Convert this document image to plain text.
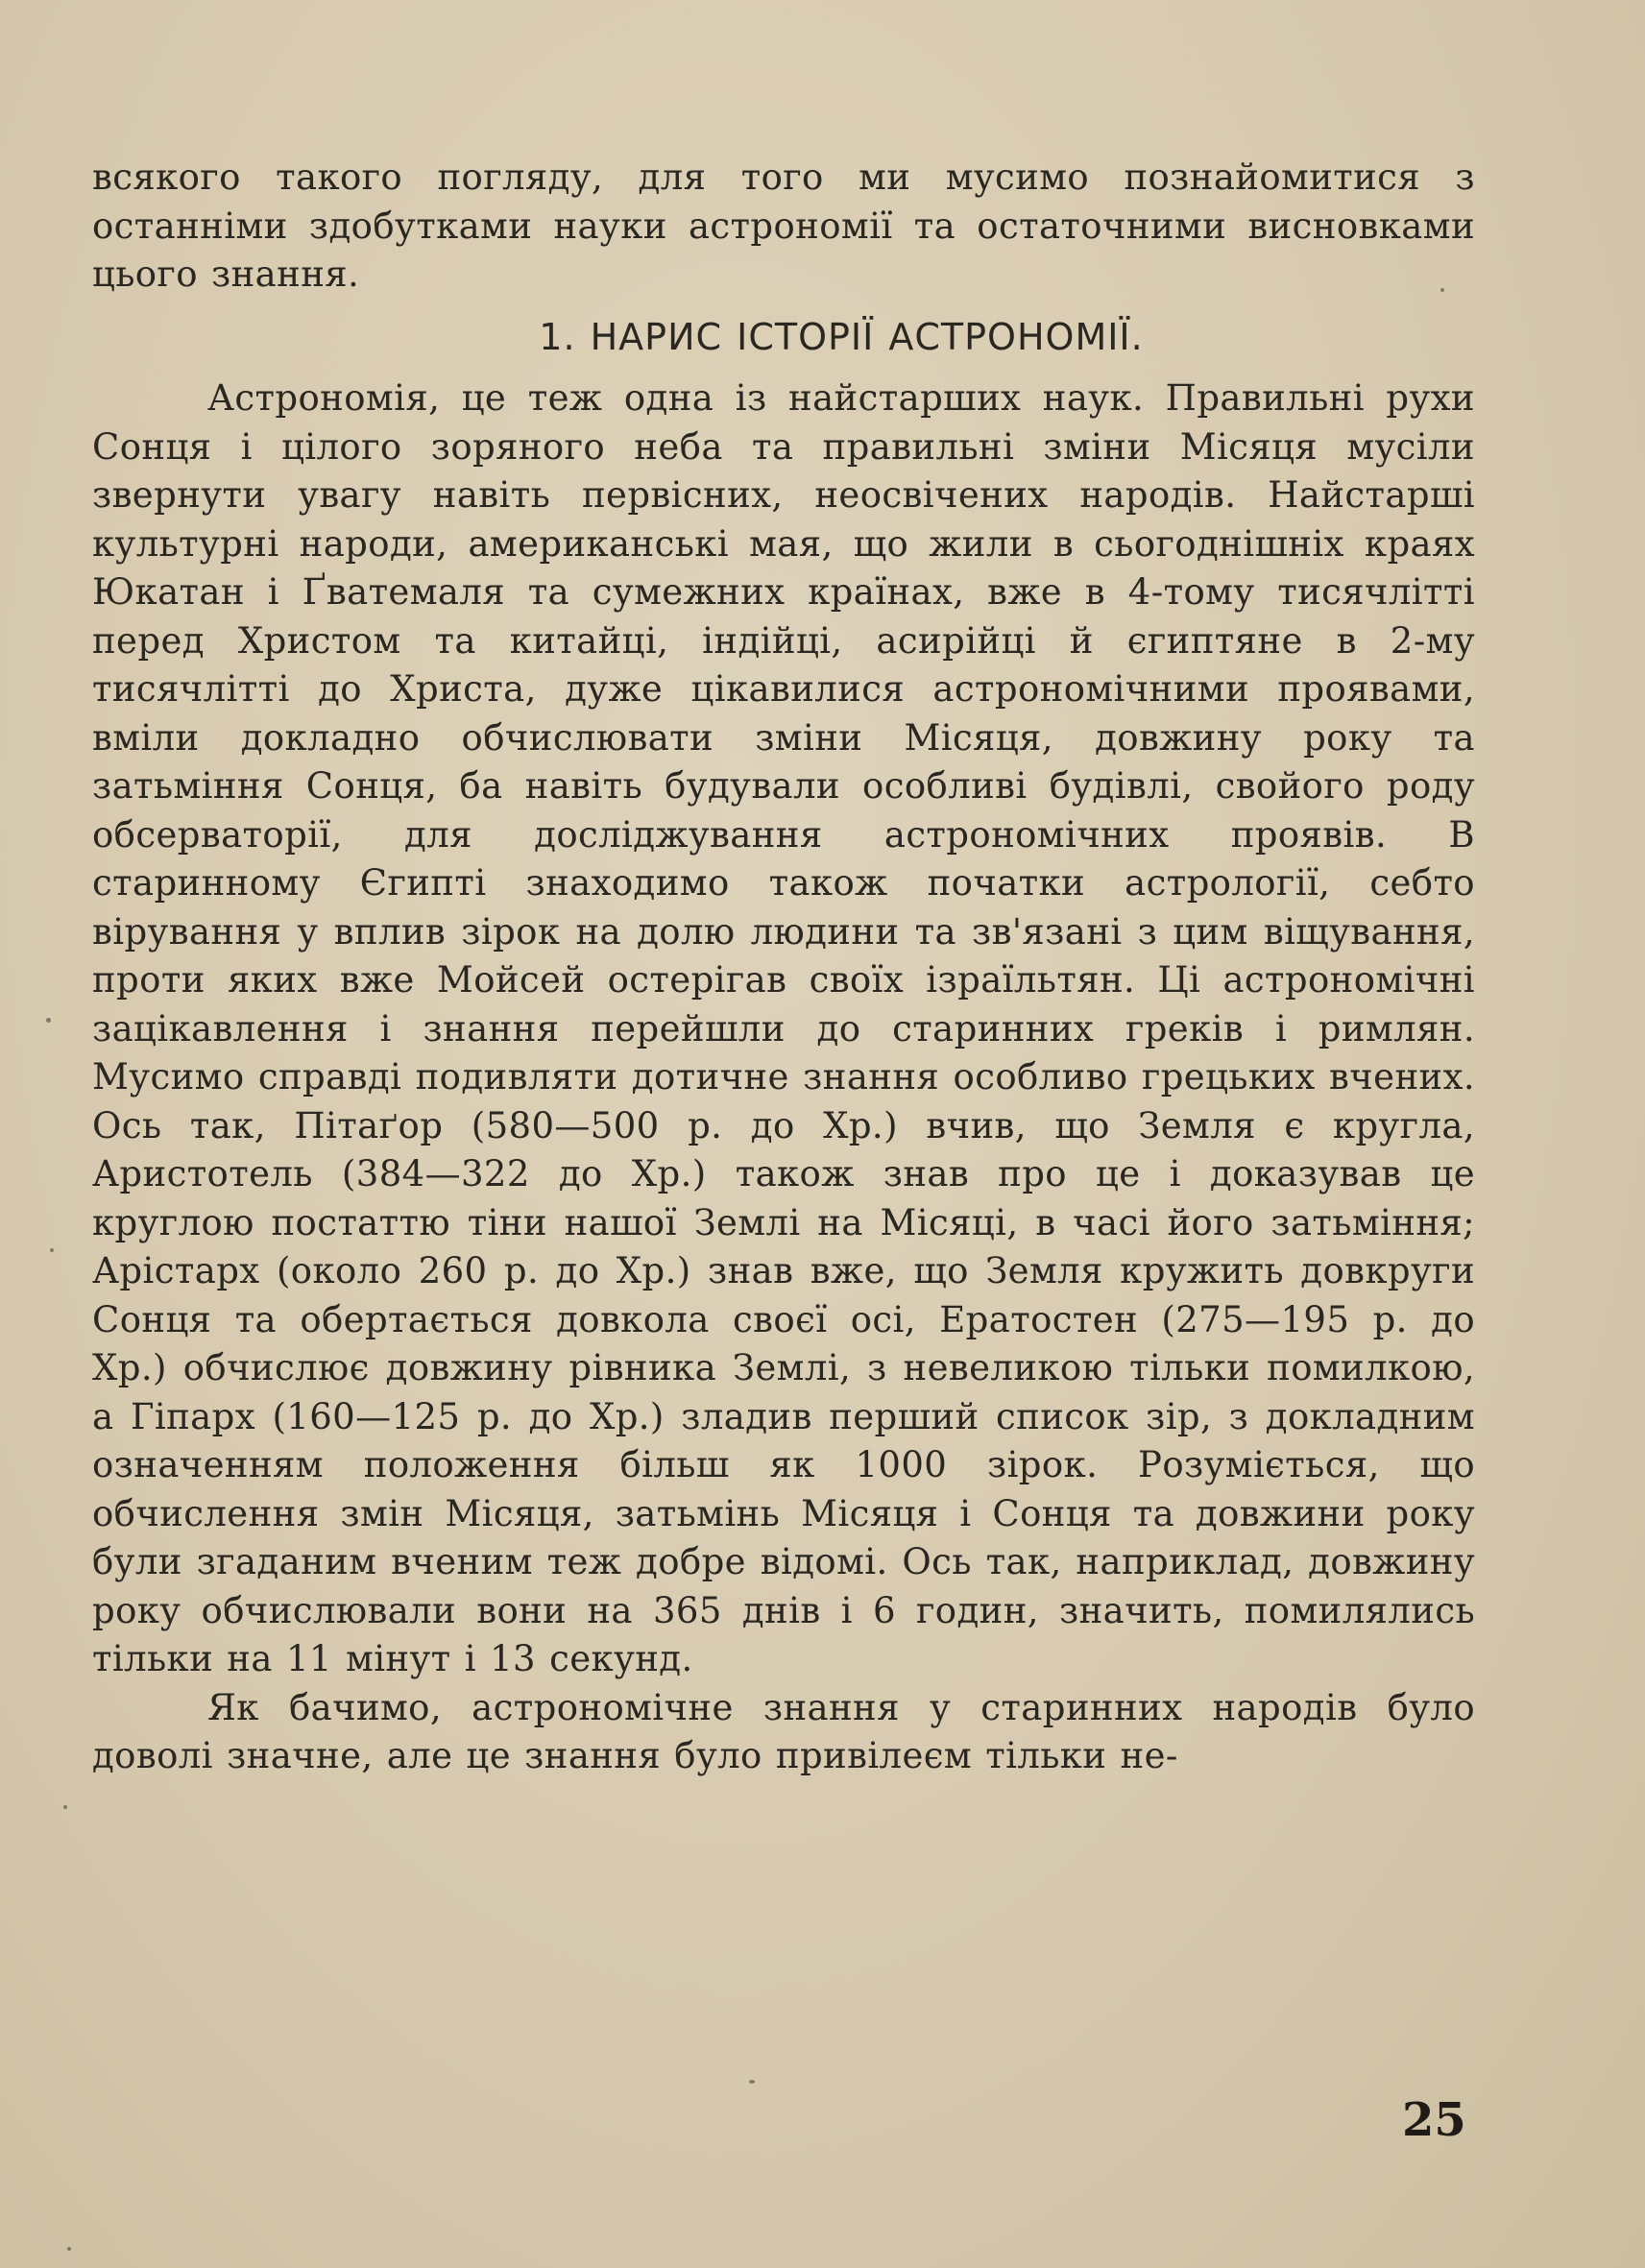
всякого такого погляду, для того ми мусимо познайомитися з останніми здобутками науки астрономії та остаточними висновками цього знання.

1. НАРИС ІСТОРІЇ АСТРОНОМІЇ.

Астрономія, це теж одна із найстарших наук. Правильні рухи Сонця і цілого зоряного неба та правильні зміни Місяця мусіли звернути увагу навіть первісних, неосвічених народів. Найстарші культурні народи, американські мая, що жили в сьогоднішніх краях Юкатан і Ґватемаля та сумежних країнах, вже в 4-тому тисячлітті перед Христом та китайці, індійці, асирійці й єгиптяне в 2-му тисячлітті до Христа, дуже цікавилися астрономічними проявами, вміли докладно обчислювати зміни Місяця, довжину року та затьміння Сонця, ба навіть будували особливі будівлі, свойого роду обсерваторії, для досліджування астрономічних проявів. В старинному Єгипті знаходимо також початки астрології, себто вірування у вплив зірок на долю людини та зв'язані з цим віщування, проти яких вже Мойсей остерігав своїх ізраїльтян. Ці астрономічні зацікавлення і знання перейшли до старинних греків і римлян. Мусимо справді подивляти дотичне знання особливо грецьких вчених. Ось так, Пітаґор (580—500 р. до Хр.) вчив, що Земля є кругла, Аристотель (384—322 до Хр.) також знав про це і доказував це круглою постаттю тіни нашої Землі на Місяці, в часі його затьміння; Арістарх (около 260 р. до Хр.) знав вже, що Земля кружить довкруги Сонця та обертається довкола своєї осі, Ератостен (275—195 р. до Хр.) обчислює довжину рівника Землі, з невеликою тільки помилкою, а Гіпарх (160—125 р. до Хр.) зладив перший список зір, з докладним означенням положення більш як 1000 зірок. Розуміється, що обчислення змін Місяця, затьмінь Місяця і Сонця та довжини року були згаданим вченим теж добре відомі. Ось так, наприклад, довжину року обчислювали вони на 365 днів і 6 годин, значить, помилялись тільки на 11 мінут і 13 секунд.

Як бачимо, астрономічне знання у старинних народів було доволі значне, але це знання було привілеєм тільки не-

25
